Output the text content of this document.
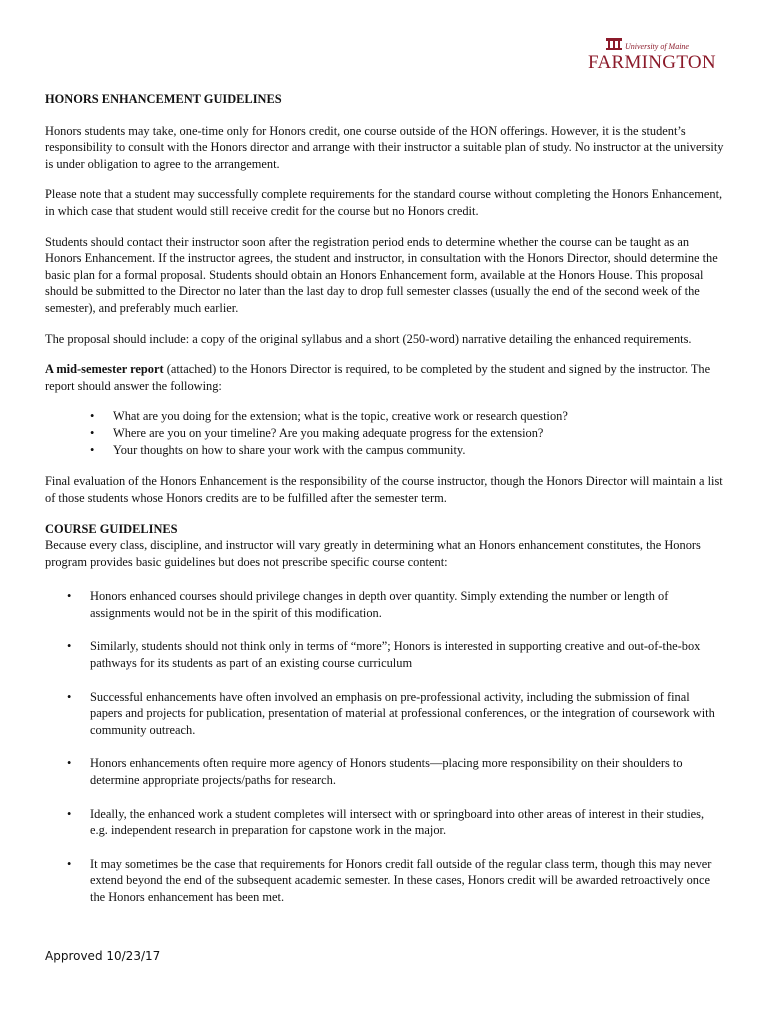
University of Maine
FARMINGTON
HONORS ENHANCEMENT GUIDELINES

Honors students may take, one-time only for Honors credit, one course outside of the HON offerings. However, it is the student’s responsibility to consult with the Honors director and arrange with their instructor a suitable plan of study. No instructor at the university is under obligation to agree to the arrangement.

Please note that a student may successfully complete requirements for the standard course without completing the Honors Enhancement, in which case that student would still receive credit for the course but no Honors credit.

Students should contact their instructor soon after the registration period ends to determine whether the course can be taught as an Honors Enhancement. If the instructor agrees, the student and instructor, in consultation with the Honors Director, should determine the basic plan for a formal proposal. Students should obtain an Honors Enhancement form, available at the Honors House. This proposal should be submitted to the Director no later than the last day to drop full semester classes (usually the end of the second week of the semester), and preferably much earlier.

The proposal should include: a copy of the original syllabus and a short (250-word) narrative detailing the enhanced requirements.

A mid-semester report (attached) to the Honors Director is required, to be completed by the student and signed by the instructor. The report should answer the following:

• What are you doing for the extension; what is the topic, creative work or research question?
• Where are you on your timeline? Are you making adequate progress for the extension?
• Your thoughts on how to share your work with the campus community.

Final evaluation of the Honors Enhancement is the responsibility of the course instructor, though the Honors Director will maintain a list of those students whose Honors credits are to be fulfilled after the semester term.

COURSE GUIDELINES

Because every class, discipline, and instructor will vary greatly in determining what an Honors enhancement constitutes, the Honors program provides basic guidelines but does not prescribe specific course content:

• Honors enhanced courses should privilege changes in depth over quantity. Simply extending the number or length of assignments would not be in the spirit of this modification.
• Similarly, students should not think only in terms of “more”; Honors is interested in supporting creative and out-of-the-box pathways for its students as part of an existing course curriculum
• Successful enhancements have often involved an emphasis on pre-professional activity, including the submission of final papers and projects for publication, presentation of material at professional conferences, or the integration of coursework with community outreach.
• Honors enhancements often require more agency of Honors students—placing more responsibility on their shoulders to determine appropriate projects/paths for research.
• Ideally, the enhanced work a student completes will intersect with or springboard into other areas of interest in their studies, e.g. independent research in preparation for capstone work in the major.
• It may sometimes be the case that requirements for Honors credit fall outside of the regular class term, though this may never extend beyond the end of the subsequent academic semester. In these cases, Honors credit will be awarded retroactively once the Honors enhancement has been met.
Approved 10/23/17
